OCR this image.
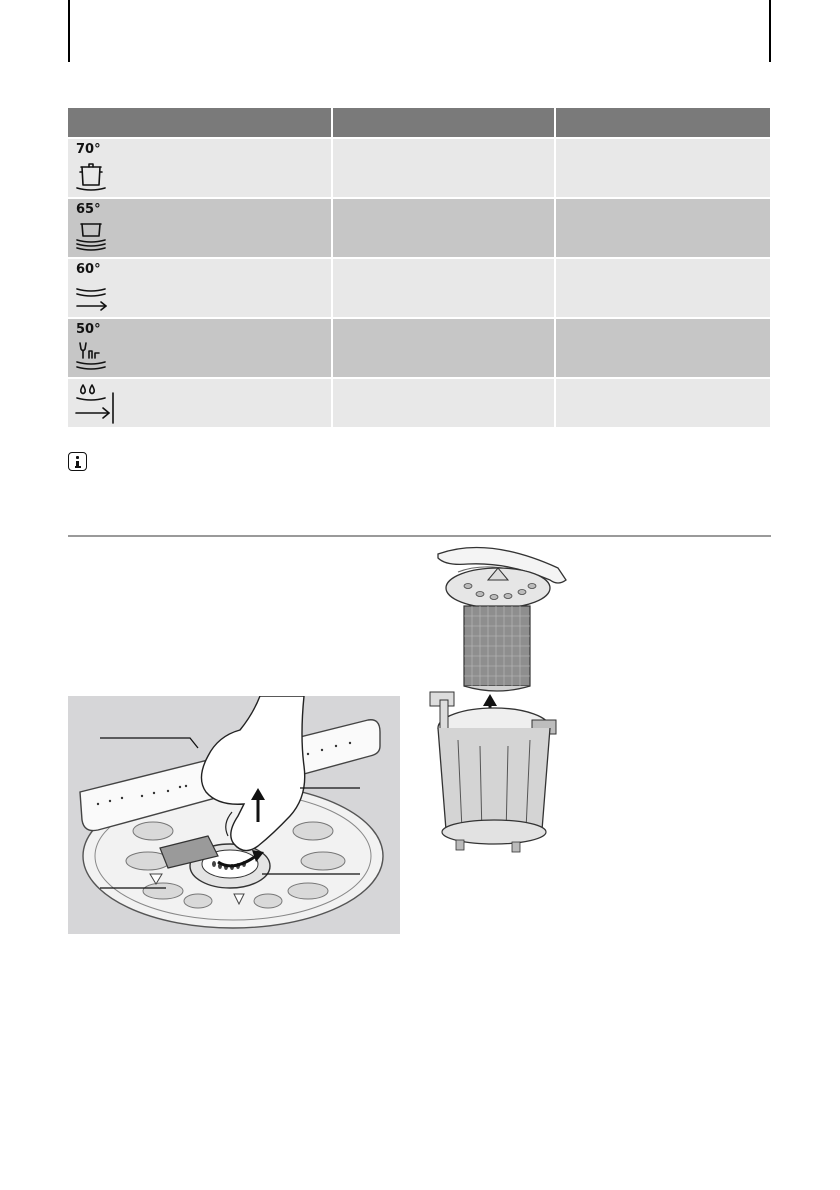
70°
65°
60°
50°
